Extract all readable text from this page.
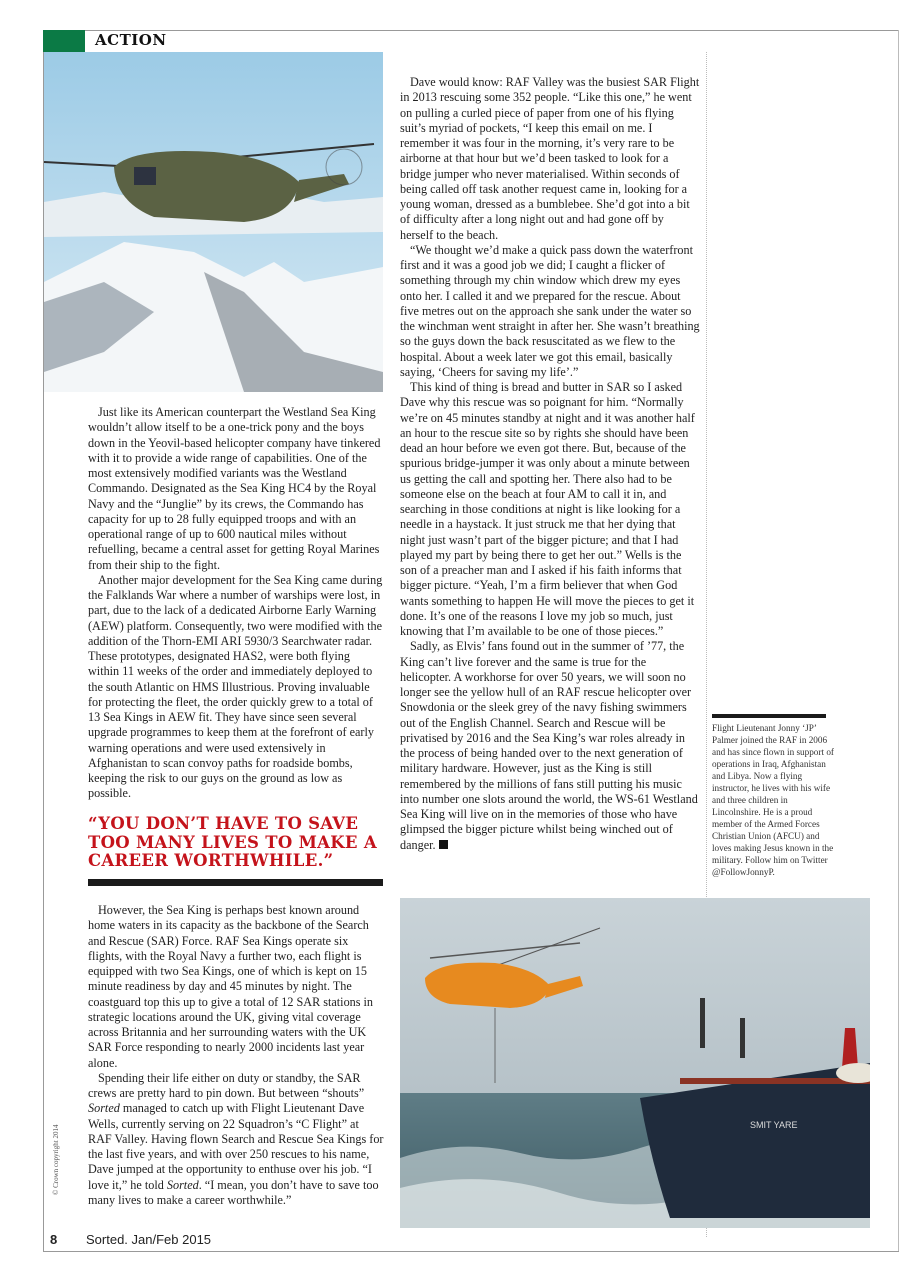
ACTION

Just like its American counterpart the Westland Sea King wouldn’t allow itself to be a one-trick pony and the boys down in the Yeovil-based helicopter company have tinkered with it to provide a wide range of capabilities. One of the most extensively modified variants was the Westland Commando. Designated as the Sea King HC4 by the Royal Navy and the “Junglie” by its crews, the Commando has capacity for up to 28 fully equipped troops and with an operational range of up to 600 nautical miles without refuelling, became a central asset for getting Royal Marines from their ship to the fight.

Another major development for the Sea King came during the Falklands War where a number of warships were lost, in part, due to the lack of a dedicated Airborne Early Warning (AEW) platform. Consequently, two were modified with the addition of the Thorn-EMI ARI 5930/3 Searchwater radar. These prototypes, designated HAS2, were both flying within 11 weeks of the order and immediately deployed to the south Atlantic on HMS Illustrious. Proving invaluable for protecting the fleet, the order quickly grew to a total of 13 Sea Kings in AEW fit. They have since seen several upgrade programmes to keep them at the forefront of early warning operations and were used extensively in Afghanistan to scan convoy paths for roadside bombs, keeping the risk to our guys on the ground as low as possible.

“YOU DON’T HAVE TO SAVE TOO MANY LIVES TO MAKE A CAREER WORTHWHILE.”

However, the Sea King is perhaps best known around home waters in its capacity as the backbone of the Search and Rescue (SAR) Force. RAF Sea Kings operate six flights, with the Royal Navy a further two, each flight is equipped with two Sea Kings, one of which is kept on 15 minute readiness by day and 45 minutes by night. The coastguard top this up to give a total of 12 SAR stations in strategic locations around the UK, giving vital coverage across Britannia and her surrounding waters with the UK SAR Force responding to nearly 2000 incidents last year alone.

Spending their life either on duty or standby, the SAR crews are pretty hard to pin down. But between “shouts” Sorted managed to catch up with Flight Lieutenant Dave Wells, currently serving on 22 Squadron’s “C Flight” at RAF Valley. Having flown Search and Rescue Sea Kings for the last five years, and with over 250 rescues to his name, Dave jumped at the opportunity to enthuse over his job. “I love it,” he told Sorted. “I mean, you don’t have to save too many lives to make a career worthwhile.”

Dave would know: RAF Valley was the busiest SAR Flight in 2013 rescuing some 352 people. “Like this one,” he went on pulling a curled piece of paper from one of his flying suit’s myriad of pockets, “I keep this email on me. I remember it was four in the morning, it’s very rare to be airborne at that hour but we’d been tasked to look for a bridge jumper who never materialised. Within seconds of being called off task another request came in, looking for a young woman, dressed as a bumblebee. She’d got into a bit of difficulty after a long night out and had gone off by herself to the beach.

“We thought we’d make a quick pass down the waterfront first and it was a good job we did; I caught a flicker of something through my chin window which drew my eyes onto her. I called it and we prepared for the rescue. About five metres out on the approach she sank under the water so the winchman went straight in after her. She wasn’t breathing so the guys down the back resuscitated as we flew to the hospital. About a week later we got this email, basically saying, ‘Cheers for saving my life’.”

This kind of thing is bread and butter in SAR so I asked Dave why this rescue was so poignant for him. “Normally we’re on 45 minutes standby at night and it was another half an hour to the rescue site so by rights she should have been dead an hour before we even got there. But, because of the spurious bridge-jumper it was only about a minute between us getting the call and spotting her. There also had to be someone else on the beach at four AM to call it in, and searching in those conditions at night is like looking for a needle in a haystack. It just struck me that her dying that night just wasn’t part of the bigger picture; and that I had played my part by being there to get her out.” Wells is the son of a preacher man and I asked if his faith informs that bigger picture. “Yeah, I’m a firm believer that when God wants something to happen He will move the pieces to get it done. It’s one of the reasons I love my job so much, just knowing that I’m available to be one of those pieces.”

Sadly, as Elvis’ fans found out in the summer of ’77, the King can’t live forever and the same is true for the helicopter. A workhorse for over 50 years, we will soon no longer see the yellow hull of an RAF rescue helicopter over Snowdonia or the sleek grey of the navy fishing swimmers out of the English Channel. Search and Rescue will be privatised by 2016 and the Sea King’s war roles already in the process of being handed over to the next generation of military hardware. However, just as the King is still remembered by the millions of fans still putting his music into number one slots around the world, the WS-61 Westland Sea King will live on in the memories of those who have glimpsed the bigger picture whilst being winched out of danger.

Flight Lieutenant Jonny ‘JP’ Palmer joined the RAF in 2006 and has since flown in support of operations in Iraq, Afghanistan and Libya. Now a flying instructor, he lives with his wife and three children in Lincolnshire. He is a proud member of the Armed Forces Christian Union (AFCU) and loves making Jesus known in the military. Follow him on Twitter @FollowJonnyP.
SMIT YARE
© Crown copyright 2014
8 Sorted. Jan/Feb 2015
